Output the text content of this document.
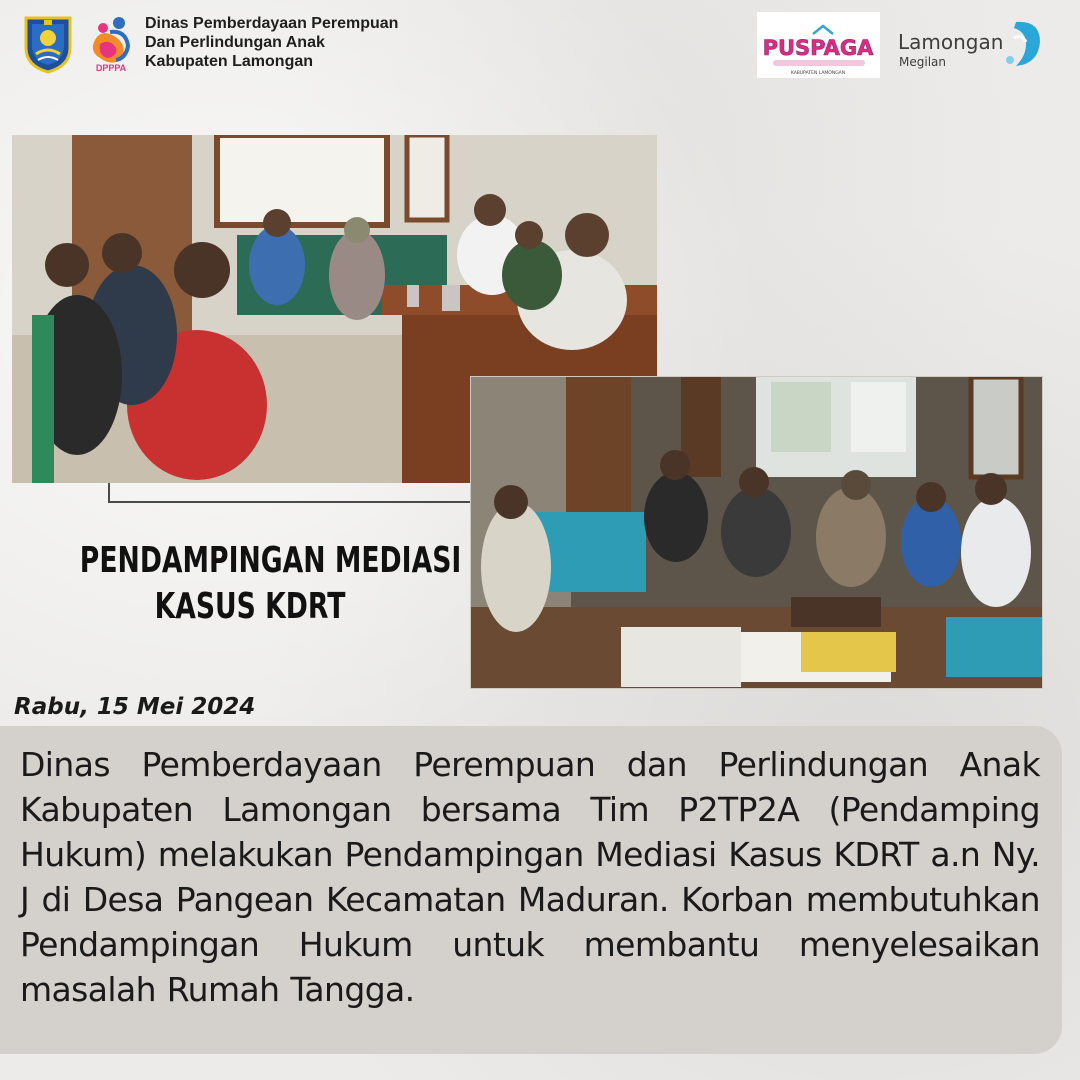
DPPPA
Dinas Pemberdayaan Perempuan
Dan Perlindungan Anak
Kabupaten Lamongan
PUSPAGA
KABUPATEN LAMONGAN
Lamongan
Megilan
PENDAMPINGAN MEDIASI
KASUS KDRT
Rabu, 15 Mei 2024
Dinas Pemberdayaan Perempuan dan Perlindungan Anak Kabupaten Lamongan bersama Tim P2TP2A (Pendamping Hukum) melakukan Pendampingan Mediasi Kasus KDRT a.n Ny. J di Desa Pangean Kecamatan Maduran. Korban membutuhkan Pendampingan Hukum untuk membantu menyelesaikan masalah Rumah Tangga.
